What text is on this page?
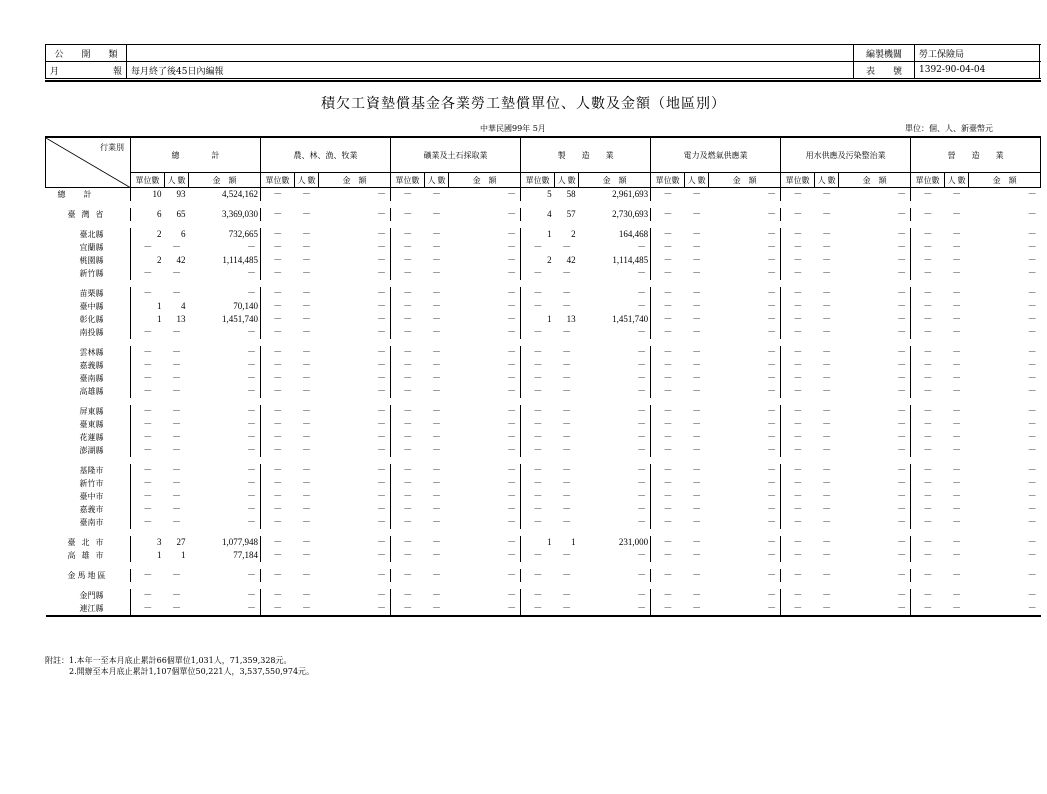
公　　開　　類	
月　　　　　　報	每月終了後45日內編報
編製機關	勞工保險局
表　　號	1392-90-04-04
積欠工資墊償基金各業勞工墊償單位、人數及金額（地區別）
中華民國99年 5月	單位：個、人、新臺幣元
行業別	總　　　　計			農、林、漁、牧業			礦業及土石採取業			製　　造　　業			電力及燃氣供應業			用水供應及污染整治業			營　　造　　業		
	單位數	人 數	金　額	單位數	人 數	金　額	單位數	人 數	金　額	單位數	人 數	金　額	單位數	人 數	金　額	單位數	人 數	金　額	單位數	人 數	金　額
總　計	10	93	4,524,162	－	－	－	－	－	－	5	58	2,961,693	－	－	－	－	－	－	－	－	－

臺 灣 省	6	65	3,369,030	－	－	－	－	－	－	4	57	2,730,693	－	－	－	－	－	－	－	－	－

臺北縣	2	6	732,665	－	－	－	－	－	－	1	2	164,468	－	－	－	－	－	－	－	－	－
宜蘭縣	－	－	－	－	－	－	－	－	－	－	－	－	－	－	－	－	－	－	－	－	－
桃園縣	2	42	1,114,485	－	－	－	－	－	－	2	42	1,114,485	－	－	－	－	－	－	－	－	－
新竹縣	－	－	－	－	－	－	－	－	－	－	－	－	－	－	－	－	－	－	－	－	－

苗栗縣	－	－	－	－	－	－	－	－	－	－	－	－	－	－	－	－	－	－	－	－	－
臺中縣	1	4	70,140	－	－	－	－	－	－	－	－	－	－	－	－	－	－	－	－	－	－
彰化縣	1	13	1,451,740	－	－	－	－	－	－	1	13	1,451,740	－	－	－	－	－	－	－	－	－
南投縣	－	－	－	－	－	－	－	－	－	－	－	－	－	－	－	－	－	－	－	－	－

雲林縣	－	－	－	－	－	－	－	－	－	－	－	－	－	－	－	－	－	－	－	－	－
嘉義縣	－	－	－	－	－	－	－	－	－	－	－	－	－	－	－	－	－	－	－	－	－
臺南縣	－	－	－	－	－	－	－	－	－	－	－	－	－	－	－	－	－	－	－	－	－
高雄縣	－	－	－	－	－	－	－	－	－	－	－	－	－	－	－	－	－	－	－	－	－

屏東縣	－	－	－	－	－	－	－	－	－	－	－	－	－	－	－	－	－	－	－	－	－
臺東縣	－	－	－	－	－	－	－	－	－	－	－	－	－	－	－	－	－	－	－	－	－
花蓮縣	－	－	－	－	－	－	－	－	－	－	－	－	－	－	－	－	－	－	－	－	－
澎湖縣	－	－	－	－	－	－	－	－	－	－	－	－	－	－	－	－	－	－	－	－	－

基隆市	－	－	－	－	－	－	－	－	－	－	－	－	－	－	－	－	－	－	－	－	－
新竹市	－	－	－	－	－	－	－	－	－	－	－	－	－	－	－	－	－	－	－	－	－
臺中市	－	－	－	－	－	－	－	－	－	－	－	－	－	－	－	－	－	－	－	－	－
嘉義市	－	－	－	－	－	－	－	－	－	－	－	－	－	－	－	－	－	－	－	－	－
臺南市	－	－	－	－	－	－	－	－	－	－	－	－	－	－	－	－	－	－	－	－	－

臺 北 市	3	27	1,077,948	－	－	－	－	－	－	1	1	231,000	－	－	－	－	－	－	－	－	－
高 雄 市	1	1	77,184	－	－	－	－	－	－	－	－	－	－	－	－	－	－	－	－	－	－

金馬地區	－	－	－	－	－	－	－	－	－	－	－	－	－	－	－	－	－	－	－	－	－

金門縣	－	－	－	－	－	－	－	－	－	－	－	－	－	－	－	－	－	－	－	－	－
連江縣	－	－	－	－	－	－	－	－	－	－	－	－	－	－	－	－	－	－	－	－	－
附註：1.本年一至本月底止累計66個單位1,031人，71,359,328元。
　　　2.開辦至本月底止累計1,107個單位50,221人，3,537,550,974元。
